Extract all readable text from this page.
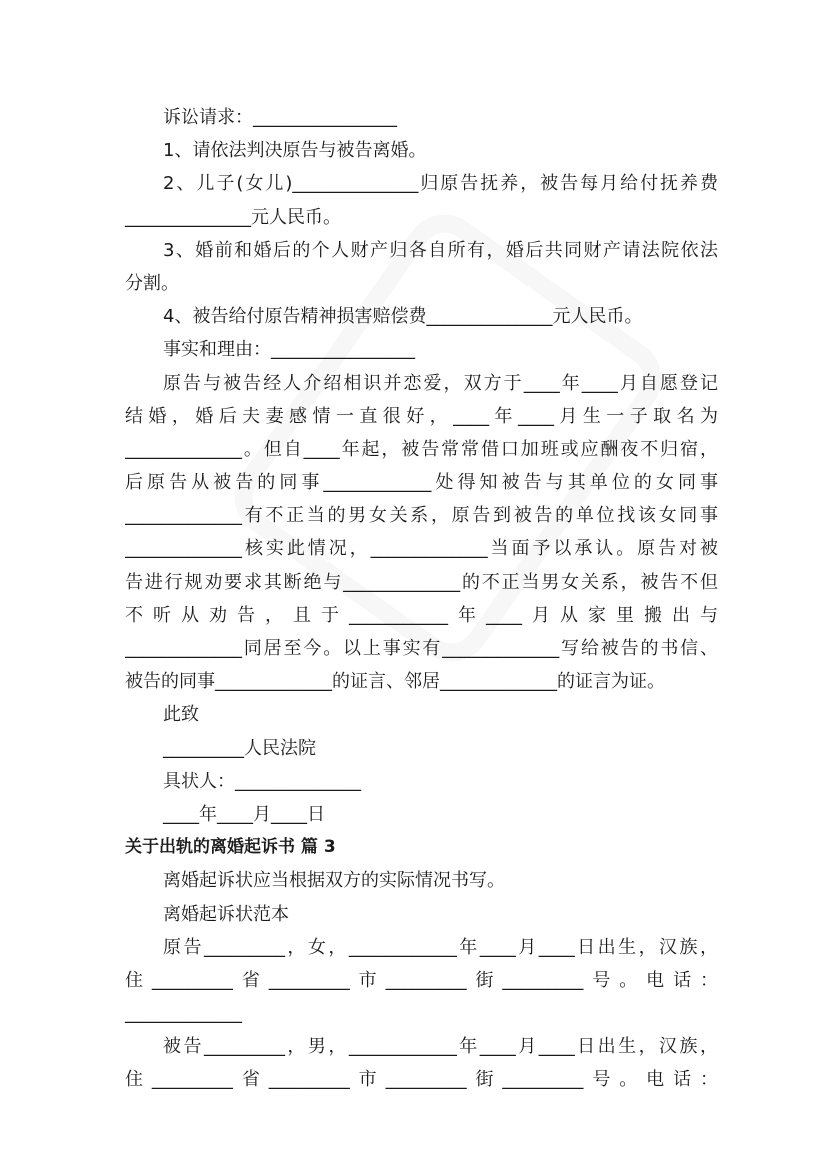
诉讼请求：________________
1、请依法判决原告与被告离婚。
2、儿子(女儿)______________归原告抚养，被告每月给付抚养费
______________元人民币。
3、婚前和婚后的个人财产归各自所有，婚后共同财产请法院依法
分割。
4、被告给付原告精神损害赔偿费______________元人民币。
事实和理由：________________
原告与被告经人介绍相识并恋爱，双方于____年____月自愿登记
结婚，婚后夫妻感情一直很好，____年____月生一子取名为
_____________。但自____年起，被告常常借口加班或应酬夜不归宿，
后原告从被告的同事____________处得知被告与其单位的女同事
_____________有不正当的男女关系，原告到被告的单位找该女同事
_____________核实此情况，_____________当面予以承认。原告对被
告进行规劝要求其断绝与_____________的不正当男女关系，被告不但
不听从劝告，且于___________年____月从家里搬出与
_____________同居至今。以上事实有_____________写给被告的书信、
被告的同事_____________的证言、邻居_____________的证言为证。
此致
_________人民法院
具状人：______________
____年____月____日
关于出轨的离婚起诉书 篇 3
离婚起诉状应当根据双方的实际情况书写。
离婚起诉状范本
原告_________，女，____________年____月____日出生，汉族，
住_________省_________市_________街_________号。电话：
_____________
被告_________，男，____________年____月____日出生，汉族，
住_________省_________市_________街_________号。电话：
